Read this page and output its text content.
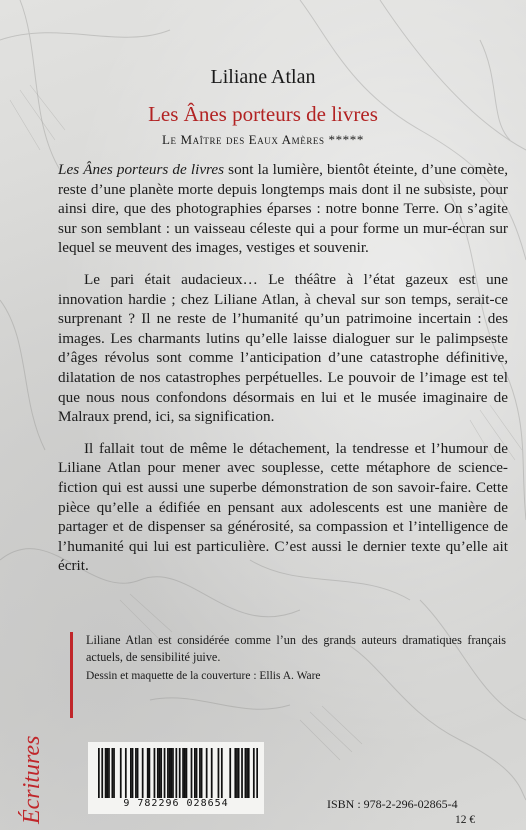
Liliane Atlan
Les Ânes porteurs de livres
Le Maître des Eaux Amères *****

Les Ânes porteurs de livres sont la lumière, bientôt éteinte, d’une comète, reste d’une planète morte depuis longtemps mais dont il ne subsiste, pour ainsi dire, que des photographies éparses : notre bonne Terre. On s’agite sur son semblant : un vaisseau céleste qui a pour forme un mur-écran sur lequel se meuvent des images, vestiges et souvenir.

Le pari était audacieux… Le théâtre à l’état gazeux est une innovation hardie ; chez Liliane Atlan, à cheval sur son temps, serait-ce surprenant ? Il ne reste de l’humanité qu’un patrimoine incertain : des images. Les charmants lutins qu’elle laisse dialoguer sur le palimpseste d’âges révolus sont comme l’anticipation d’une catastrophe définitive, dilatation de nos catastrophes perpétuelles. Le pouvoir de l’image est tel que nous nous confondons désormais en lui et le musée imaginaire de Malraux prend, ici, sa signification.

Il fallait tout de même le détachement, la tendresse et l’humour de Liliane Atlan pour mener avec souplesse, cette métaphore de science-fiction qui est aussi une superbe démonstration de son savoir-faire. Cette pièce qu’elle a édifiée en pensant aux adolescents est une manière de partager et de dispenser sa générosité, sa compassion et l’intelligence de l’humanité qui lui est particulière. C’est aussi le dernier texte qu’elle ait écrit.

Liliane Atlan est considérée comme l’un des grands auteurs dramatiques français actuels, de sensibilité juive.
Dessin et maquette de la couverture : Ellis A. Ware
Écritures	9 782296 028654	ISBN : 978-2-296-02865-4
12 €
